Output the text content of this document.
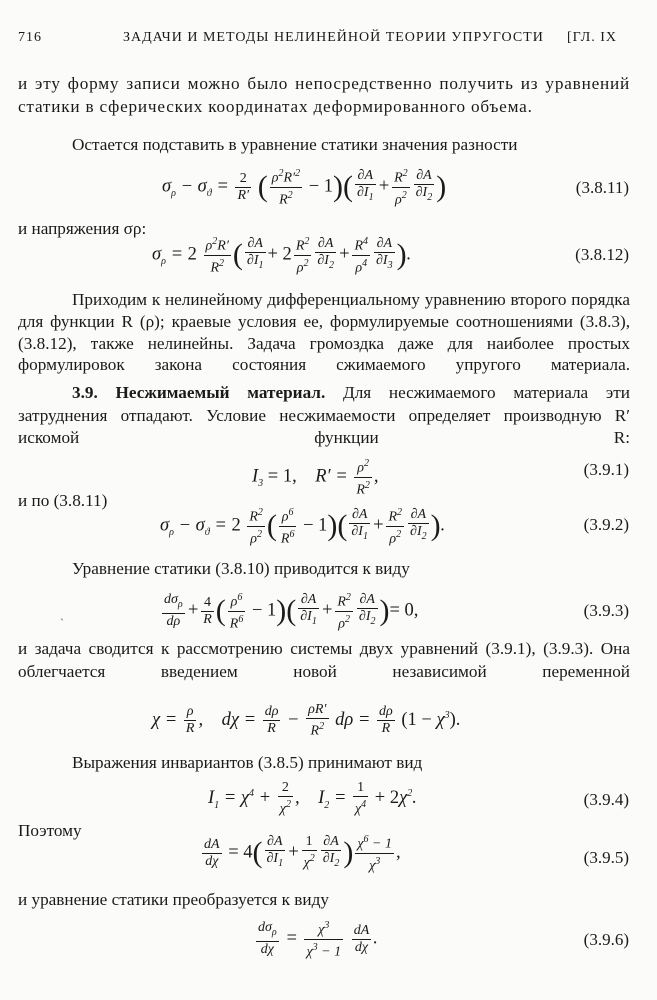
716	ЗАДАЧИ И МЕТОДЫ НЕЛИНЕЙНОЙ ТЕОРИИ УПРУГОСТИ [ГЛ. IX
и эту форму записи можно было непосредственно получить из уравнений статики в сферических координатах деформированного объема.
Остается подставить в уравнение статики значения разности
$\sigma_\rho - \sigma_ϑ = \frac{2}{R'}$ ( $\frac{\rho^2R'^2}{R^2} - 1)( \frac{\partial A}{\partial I_1} + \frac{R^2}{\rho^2} \frac{\partial A}{\partial I_2}$ )	(3.8.11)
и напряжения σρ:
$\sigma_\rho = 2 \frac{\rho^2R'}{R^2}$ ( $\frac{\partial A}{\partial I_1} + 2 \frac{R^2}{\rho^2} \frac{\partial A}{\partial I_2} + \frac{R^4}{\rho^4} \frac{\partial A}{\partial I_3}$ ).	(3.8.12)
Приходим к нелинейному дифференциальному уравнению второго порядка для функции R (ρ); краевые условия ее, формулируемые соотношениями (3.8.3), (3.8.12), также нелинейны. Задача громоздка даже для наиболее простых формулировок закона состояния сжимаемого упругого материала.
3.9. Несжимаемый материал. Для несжимаемого материала эти затруднения отпадают. Условие несжимаемости определяет производную R′ искомой функции R:
$I_3 = 1$,    $R' = \frac{\rho^2}{R^2}$ ,	(3.9.1)
и по (3.8.11)
$\sigma_\rho - \sigma_ϑ = 2 \frac{R^2}{\rho^2}$ ( $\frac{\rho^6}{R^6} - 1)( \frac{\partial A}{\partial I_1} + \frac{R^2}{\rho^2} \frac{\partial A}{\partial I_2}$ ).	(3.9.2)
Уравнение статики (3.8.10) приводится к виду
ˏ
$d\sigma_\rho$
dρ
+ $\frac{4}{R}$ ( $\frac{\rho^6}{R^6} - 1)( \frac{\partial A}{\partial I_1} + \frac{R^2}{\rho^2} \frac{\partial A}{\partial I_2}$ )= 0,	(3.9.3)
и задача сводится к рассмотрению системы двух уравнений (3.9.1), (3.9.3). Она облегчается введением новой независимой переменной
$\chi = \frac{\rho}{R}$ ,    $d\chi = \frac{d\rho}{R} - \frac{\rho R'}{R^2}$ $d\rho = \frac{d\rho}{R} (1 - \chi^3)$.
Выражения инвариантов (3.8.5) принимают вид
$I_1 = \chi^4 + \frac{2}{\chi^2}$ ,    $I_2 = \frac{1}{\chi^4} + 2\chi^2$.	(3.9.4)
Поэтому
$\frac{dA}{d\chi} = 4( \frac{\partial A}{\partial I_1} + \frac{1}{\chi^2} \frac{\partial A}{\partial I_2}$ ) $\frac{\chi^6 - 1}{\chi^3}$ ,	(3.9.5)
и уравнение статики преобразуется к виду
$d\sigma_\rho$
dχ
= $\frac{\chi^3}{\chi^3 - 1}$
$\frac{dA}{d\chi}$ .	(3.9.6)
